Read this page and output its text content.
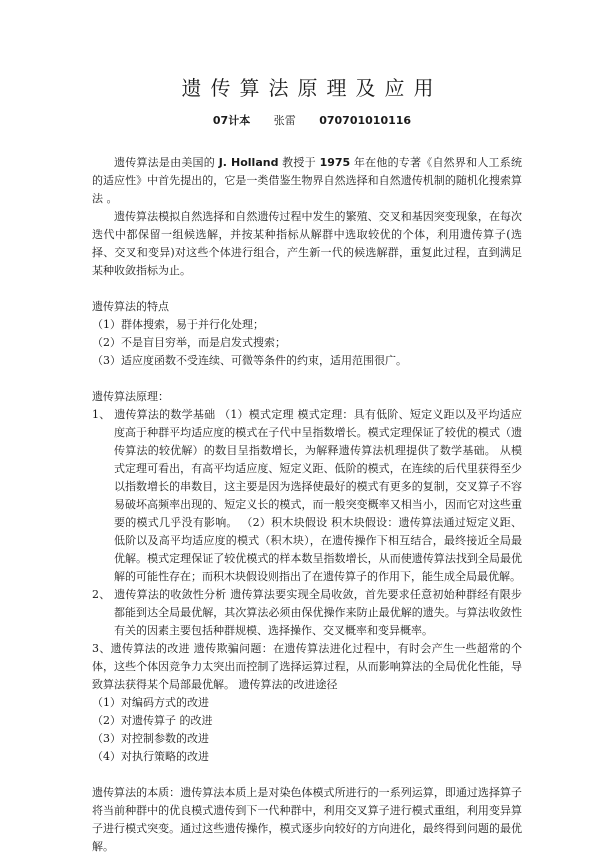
遗传算法原理及应用
07计本 张雷 070701010116

遗传算法是由美国的 J. Holland 教授于 1975 年在他的专著《自然界和人工系统的适应性》中首先提出的，它是一类借鉴生物界自然选择和自然遗传机制的随机化搜索算法 。

遗传算法模拟自然选择和自然遗传过程中发生的繁殖、交叉和基因突变现象，在每次迭代中都保留一组候选解，并按某种指标从解群中选取较优的个体，利用遗传算子(选择、交叉和变异)对这些个体进行组合，产生新一代的候选解群，重复此过程，直到满足某种收敛指标为止。

遗传算法的特点

（1）群体搜索，易于并行化处理；

（2）不是盲目穷举，而是启发式搜索；

（3）适应度函数不受连续、可微等条件的约束，适用范围很广。

遗传算法原理：

1、 遗传算法的数学基础 （1）模式定理 模式定理：具有低阶、短定义距以及平均适应度高于种群平均适应度的模式在子代中呈指数增长。模式定理保证了较优的模式（遗传算法的较优解）的数目呈指数增长，为解释遗传算法机理提供了数学基础。 从模式定理可看出，有高平均适应度、短定义距、低阶的模式，在连续的后代里获得至少以指数增长的串数目，这主要是因为选择使最好的模式有更多的复制，交叉算子不容易破坏高频率出现的、短定义长的模式，而一般突变概率又相当小，因而它对这些重要的模式几乎没有影响。 （2）积木块假设 积木块假设：遗传算法通过短定义距、低阶以及高平均适应度的模式（积木块），在遗传操作下相互结合，最终接近全局最优解。模式定理保证了较优模式的样本数呈指数增长，从而使遗传算法找到全局最优解的可能性存在；而积木块假设则指出了在遗传算子的作用下，能生成全局最优解。

2、 遗传算法的收敛性分析 遗传算法要实现全局收敛，首先要求任意初始种群经有限步都能到达全局最优解，其次算法必须由保优操作来防止最优解的遗失。与算法收敛性有关的因素主要包括种群规模、选择操作、交叉概率和变异概率。

3、遗传算法的改进 遗传欺骗问题：在遗传算法进化过程中，有时会产生一些超常的个体，这些个体因竞争力太突出而控制了选择运算过程，从而影响算法的全局优化性能，导致算法获得某个局部最优解。 遗传算法的改进途径

（1）对编码方式的改进

（2）对遗传算子 的改进

（3）对控制参数的改进

（4）对执行策略的改进

遗传算法的本质：遗传算法本质上是对染色体模式所进行的一系列运算，即通过选择算子将当前种群中的优良模式遗传到下一代种群中，利用交叉算子进行模式重组，利用变异算子进行模式突变。通过这些遗传操作，模式逐步向较好的方向进化，最终得到问题的最优解。
